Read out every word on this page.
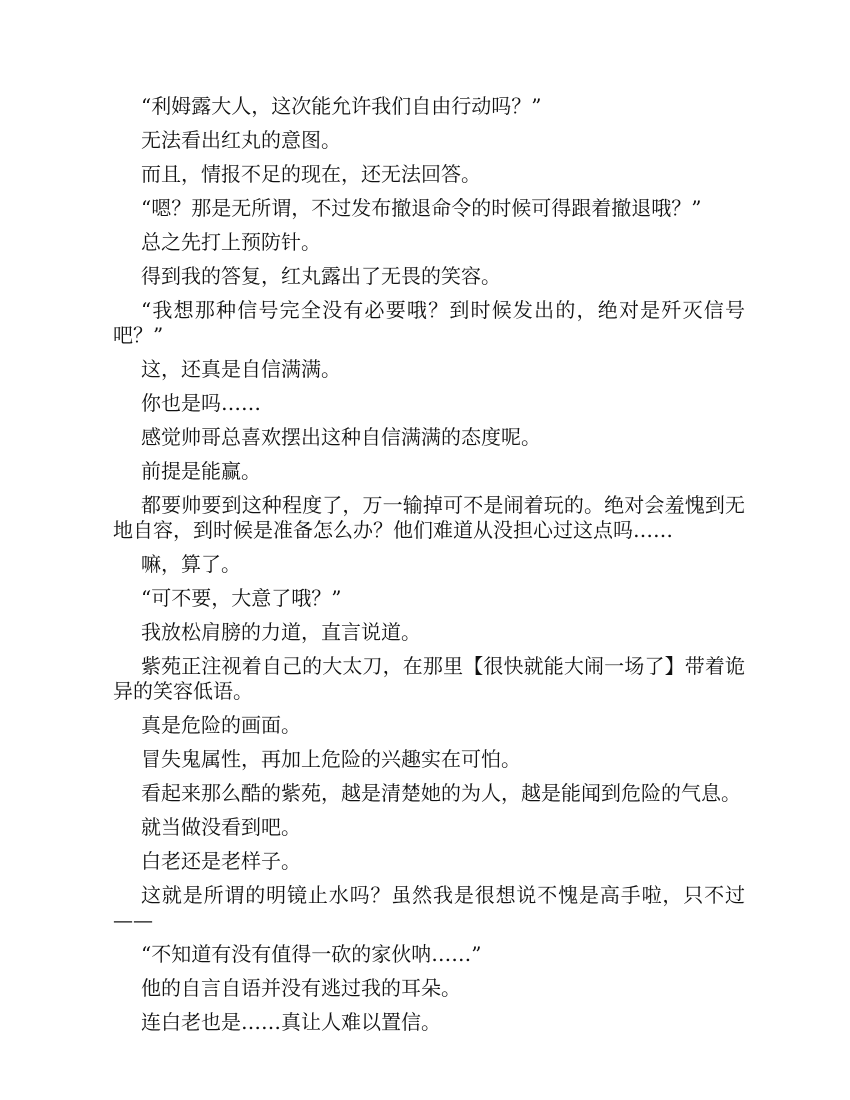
“利姆露大人，这次能允许我们自由行动吗？”

无法看出红丸的意图。

而且，情报不足的现在，还无法回答。

“嗯？那是无所谓，不过发布撤退命令的时候可得跟着撤退哦？”

总之先打上预防针。

得到我的答复，红丸露出了无畏的笑容。

“我想那种信号完全没有必要哦？到时候发出的，绝对是歼灭信号吧？”

这，还真是自信满满。

你也是吗……

感觉帅哥总喜欢摆出这种自信满满的态度呢。

前提是能赢。

都要帅要到这种程度了，万一输掉可不是闹着玩的。绝对会羞愧到无地自容，到时候是准备怎么办？他们难道从没担心过这点吗……

嘛，算了。

“可不要，大意了哦？”

我放松肩膀的力道，直言说道。

紫苑正注视着自己的大太刀，在那里【很快就能大闹一场了】带着诡异的笑容低语。

真是危险的画面。

冒失鬼属性，再加上危险的兴趣实在可怕。

看起来那么酷的紫苑，越是清楚她的为人，越是能闻到危险的气息。

就当做没看到吧。

白老还是老样子。

这就是所谓的明镜止水吗？虽然我是很想说不愧是高手啦，只不过——

“不知道有没有值得一砍的家伙呐……”

他的自言自语并没有逃过我的耳朵。

连白老也是……真让人难以置信。
